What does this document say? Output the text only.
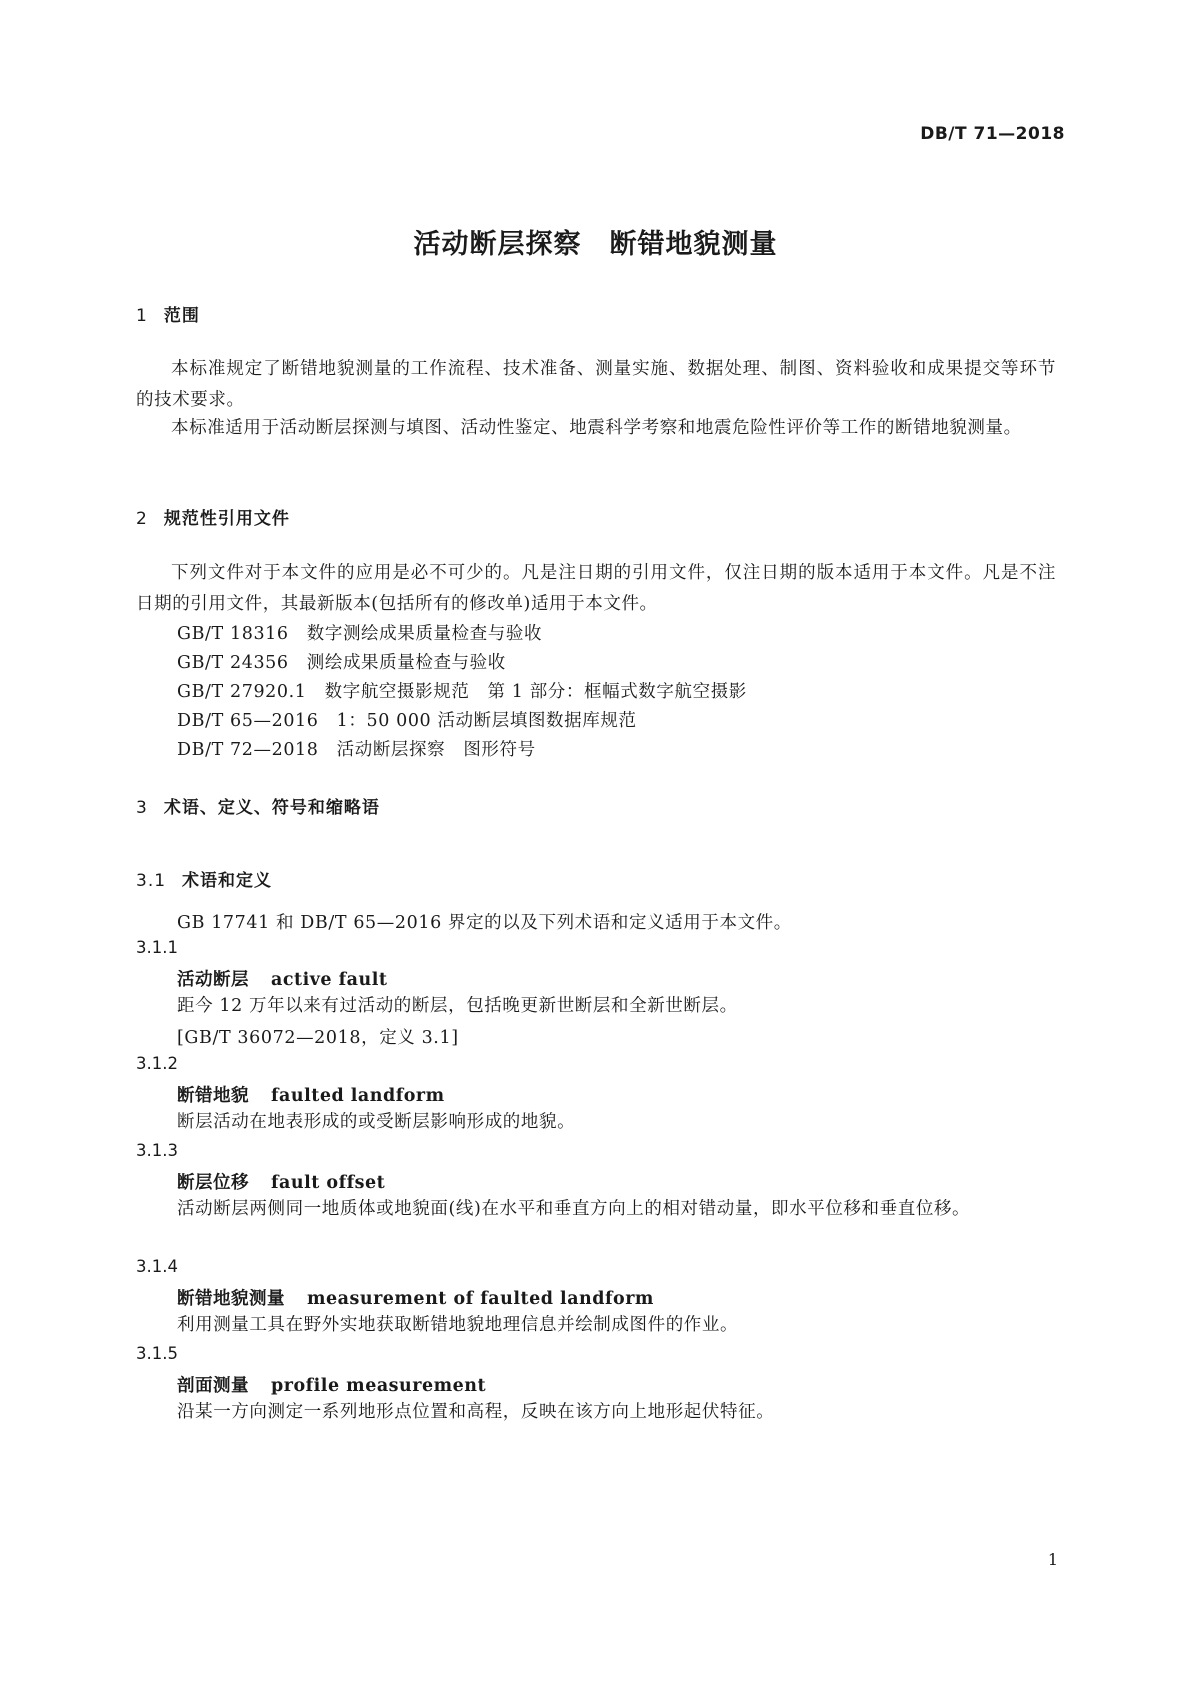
DB/T 71—2018
活动断层探察　断错地貌测量
1 范围
本标准规定了断错地貌测量的工作流程、技术准备、测量实施、数据处理、制图、资料验收和成果提交等环节的技术要求。
本标准适用于活动断层探测与填图、活动性鉴定、地震科学考察和地震危险性评价等工作的断错地貌测量。
2 规范性引用文件
下列文件对于本文件的应用是必不可少的。凡是注日期的引用文件，仅注日期的版本适用于本文件。凡是不注日期的引用文件，其最新版本(包括所有的修改单)适用于本文件。
GB/T 18316　数字测绘成果质量检查与验收
GB/T 24356　测绘成果质量检查与验收
GB/T 27920.1　数字航空摄影规范　第 1 部分：框幅式数字航空摄影
DB/T 65—2016　1：50 000 活动断层填图数据库规范
DB/T 72—2018　活动断层探察　图形符号
3 术语、定义、符号和缩略语
3.1 术语和定义
GB 17741 和 DB/T 65—2016 界定的以及下列术语和定义适用于本文件。
3.1.1
活动断层 active fault
距今 12 万年以来有过活动的断层，包括晚更新世断层和全新世断层。
[GB/T 36072—2018，定义 3.1]
3.1.2
断错地貌 faulted landform
断层活动在地表形成的或受断层影响形成的地貌。
3.1.3
断层位移 fault offset
活动断层两侧同一地质体或地貌面(线)在水平和垂直方向上的相对错动量，即水平位移和垂直位移。
3.1.4
断错地貌测量 measurement of faulted landform
利用测量工具在野外实地获取断错地貌地理信息并绘制成图件的作业。
3.1.5
剖面测量 profile measurement
沿某一方向测定一系列地形点位置和高程，反映在该方向上地形起伏特征。
1
